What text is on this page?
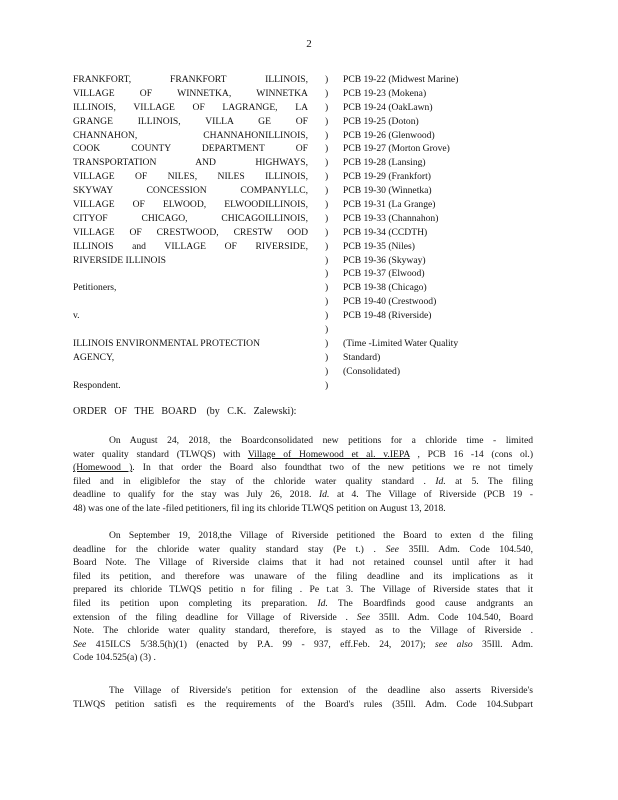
2
FRANKFORT, FRANKFORT ILLINOIS,
VILLAGE OF WINNETKA, WINNETKA
ILLINOIS, VILLAGE OF LAGRANGE, LA
GRANGE ILLINOIS, VILLA GE OF
CHANNAHON, CHANNAHONILLINOIS,
COOK COUNTY DEPARTMENT OF
TRANSPORTATION AND HIGHWAYS,
VILLAGE OF NILES, NILES ILLINOIS,
SKYWAY CONCESSION COMPANYLLC,
VILLAGE OF ELWOOD, ELWOODILLINOIS,
CITYOF CHICAGO, CHICAGOILLINOIS,
VILLAGE OF CRESTWOOD, CRESTW OOD
ILLINOIS and VILLAGE OF RIVERSIDE,
RIVERSIDE ILLINOIS
Petitioners,
v.
ILLINOIS ENVIRONMENTAL PROTECTION
AGENCY,
Respondent.
)
)
)
)
)
)
)
)
)
)
)
)
)
)
)
)
)
)
)
)
)
)
)
PCB 19-22 (Midwest Marine)
PCB 19-23 (Mokena)
PCB 19-24 (OakLawn)
PCB 19-25 (Doton)
PCB 19-26 (Glenwood)
PCB 19-27 (Morton Grove)
PCB 19-28 (Lansing)
PCB 19-29 (Frankfort)
PCB 19-30 (Winnetka)
PCB 19-31 (La Grange)
PCB 19-33 (Channahon)
PCB 19-34 (CCDTH)
PCB 19-35 (Niles)
PCB 19-36 (Skyway)
PCB 19-37 (Elwood)
PCB 19-38 (Chicago)
PCB 19-40 (Crestwood)
PCB 19-48 (Riverside)
(Time -Limited Water Quality
Standard)
(Consolidated)
ORDER   OF   THE   BOARD    (by   C.K.   Zalewski):
On August 24, 2018, the Boardconsolidated new petitions for a chloride time - limited
water quality standard (TLWQS) with Village of Homewood et al. v.IEPA , PCB 16 -14 (cons ol.)
(Homewood ). In that order the Board also foundthat two of the new petitions we re not timely
filed and in eligiblefor the stay of the chloride water quality standard . Id. at 5. The filing
deadline to qualify for the stay was July 26, 2018. Id. at 4. The Village of Riverside (PCB 19 -
48) was one of the late -filed petitioners, fil ing its chloride TLWQS petition on August 13, 2018.
On September 19, 2018,the Village of Riverside petitioned the Board to exten d the filing
deadline for the chloride water quality standard stay (Pe t.) . See 35Ill. Adm. Code 104.540,
Board Note. The Village of Riverside claims that it had not retained counsel until after it had
filed its petition, and therefore was unaware of the filing deadline and its implications as it
prepared its chloride TLWQS petitio n for filing . Pe t.at 3. The Village of Riverside states that it
filed its petition upon completing its preparation. Id. The Boardfinds good cause andgrants an
extension of the filing deadline for Village of Riverside . See 35Ill. Adm. Code 104.540, Board
Note. The chloride water quality standard, therefore, is stayed as to the Village of Riverside .
See 415ILCS 5/38.5(h)(1) (enacted by P.A. 99 - 937, eff.Feb. 24, 2017); see also 35Ill. Adm.
Code 104.525(a) (3) .
The Village of Riverside's petition for extension of the deadline also asserts Riverside's
TLWQS petition satisfi es the requirements of the Board's rules (35Ill. Adm. Code 104.Subpart
